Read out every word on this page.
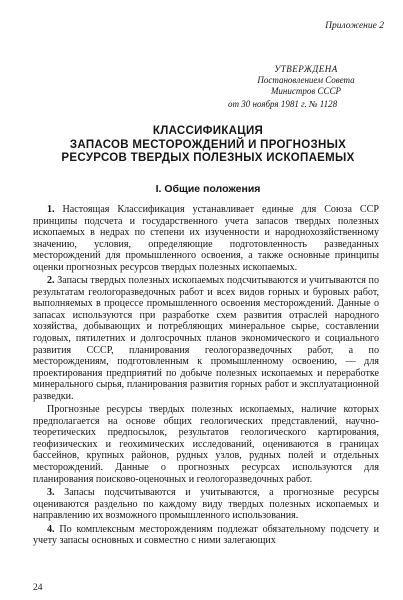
Приложение 2
УТВЕРЖДЕНА
Постановлением Совета
Министров СССР
от 30 ноября 1981 г. № 1128
КЛАССИФИКАЦИЯ
ЗАПАСОВ МЕСТОРОЖДЕНИЙ И ПРОГНОЗНЫХ
РЕСУРСОВ ТВЕРДЫХ ПОЛЕЗНЫХ ИСКОПАЕМЫХ
I. Общие положения

1. Настоящая Классификация устанавливает единые для Союза ССР принципы подсчета и государственного учета запасов твердых полезных ископаемых в недрах по степени их изученности и народнохозяйственному значению, условия, определяющие подготовленность разведанных месторождений для промышленного освоения, а также основные принципы оценки прогнозных ресурсов твердых полезных ископаемых.

2. Запасы твердых полезных ископаемых подсчитываются и учитываются по результатам геологоразведочных работ и всех видов горных и буровых работ, выполняемых в процессе промышленного освоения месторождений. Данные о запасах используются при разработке схем развития отраслей народного хозяйства, добывающих и потребляющих минеральное сырье, составлении годовых, пятилетних и долгосрочных планов экономического и социального развития СССР, планирования геологоразведочных работ, а по месторождениям, подготовленным к промышленному освоению, — для проектирования предприятий по добыче полезных ископаемых и переработке минерального сырья, планирования развития горных работ и эксплуатационной разведки.

Прогнозные ресурсы твердых полезных ископаемых, наличие которых предполагается на основе общих геологических представлений, научно-теоретических предпосылок, результатов геологического картирования, геофизических и геохимических исследований, оцениваются в границах бассейнов, крупных районов, рудных узлов, рудных полей и отдельных месторождений. Данные о прогнозных ресурсах используются для планирования поисково-оценочных и геологоразведочных работ.

3. Запасы подсчитываются и учитываются, а прогнозные ресурсы оцениваются раздельно по каждому виду твердых полезных ископаемых и направлению их возможного промышленного использования.

4. По комплексным месторождениям подлежат обязательному подсчету и учету запасы основных и совместно с ними залегающих

24
